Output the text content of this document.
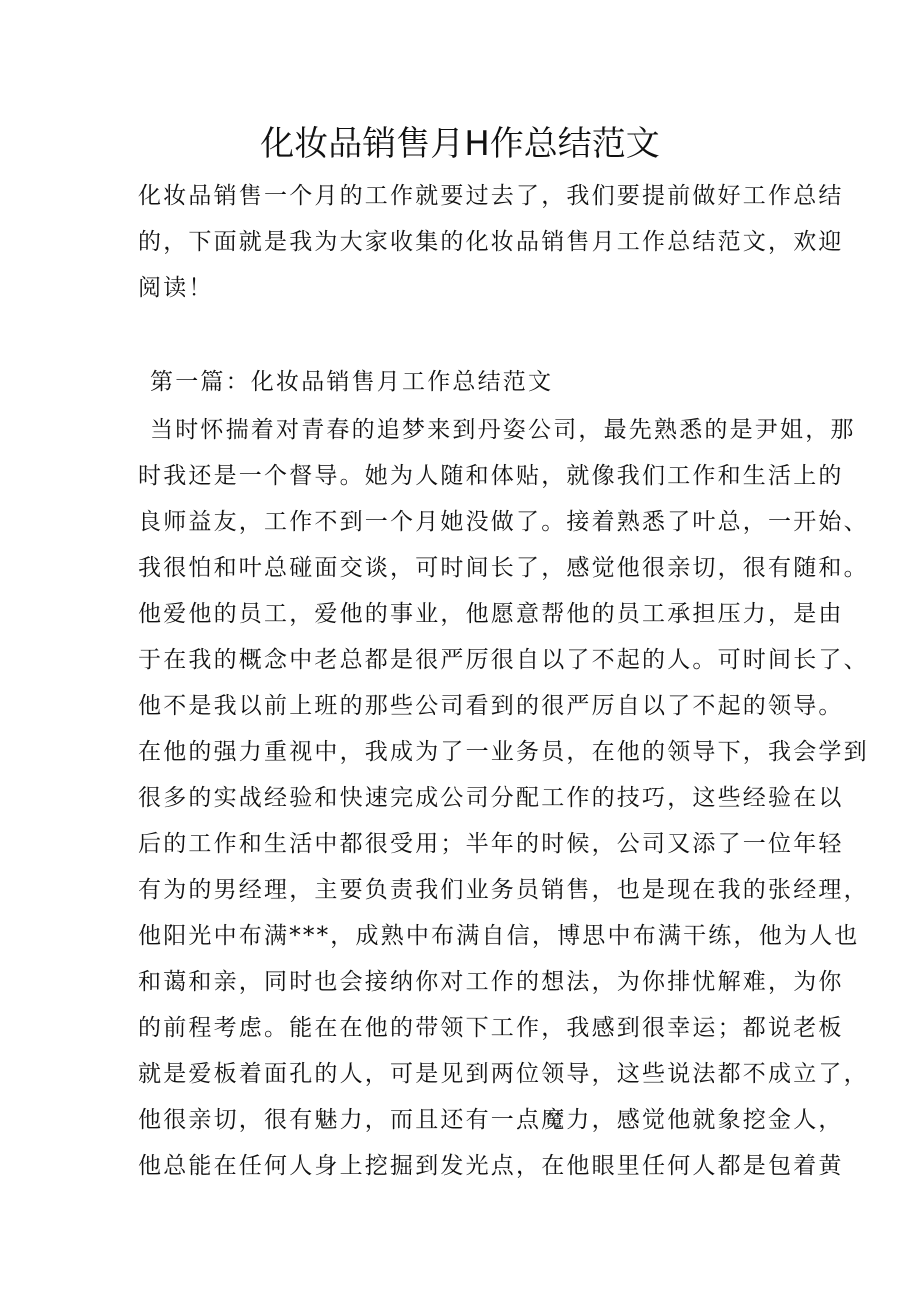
化妆品销售月H作总结范文
化妆品销售一个月的工作就要过去了，我们要提前做好工作总结
的，下面就是我为大家收集的化妆品销售月工作总结范文，欢迎
阅读！
第一篇：化妆品销售月工作总结范文
当时怀揣着对青春的追梦来到丹姿公司，最先熟悉的是尹姐，那
时我还是一个督导。她为人随和体贴，就像我们工作和生活上的
良师益友，工作不到一个月她没做了。接着熟悉了叶总，一开始、
我很怕和叶总碰面交谈，可时间长了，感觉他很亲切，很有随和。
他爱他的员工，爱他的事业，他愿意帮他的员工承担压力，是由
于在我的概念中老总都是很严厉很自以了不起的人。可时间长了、
他不是我以前上班的那些公司看到的很严厉自以了不起的领导。
在他的强力重视中，我成为了一业务员，在他的领导下，我会学到
很多的实战经验和快速完成公司分配工作的技巧，这些经验在以
后的工作和生活中都很受用；半年的时候，公司又添了一位年轻
有为的男经理，主要负责我们业务员销售，也是现在我的张经理，
他阳光中布满***，成熟中布满自信，博思中布满干练，他为人也
和蔼和亲，同时也会接纳你对工作的想法，为你排忧解难，为你
的前程考虑。能在在他的带领下工作，我感到很幸运；都说老板
就是爱板着面孔的人，可是见到两位领导，这些说法都不成立了，
他很亲切，很有魅力，而且还有一点魔力，感觉他就象挖金人，
他总能在任何人身上挖掘到发光点，在他眼里任何人都是包着黄
